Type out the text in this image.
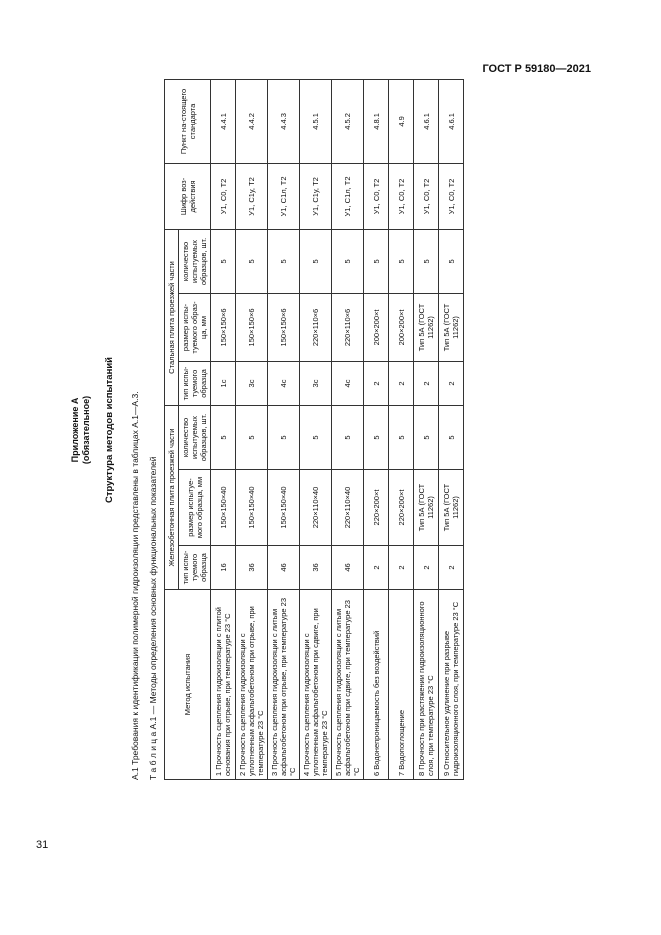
ГОСТ Р 59180—2021
31
Приложение А (обязательное) Структура методов испытаний А.1 Требования к идентификации полимерной гидроизоляции представлены в таблицах А.1—А.3. Т а б л и ц а А.1 — Методы определения основных функциональных показателей	Метод испытания	Железобетонная плита проезжей части			Стальная плита проезжей части			Шифр воз-действия	Пункт на-стоящего стандарта
	тип испы-туемого образца	размер испытуе-мого образца, мм	количество испытуемых образцов, шт.	тип испы-туемого образца	размер испы-туемого образ-ца, мм	количество испытуемых образцов, шт.		
1 Прочность сцепления гидроизоляции с плитой основания при отрыве, при температуре 23 °С	16	150×150×40	5	1с	150×150×6	5	У1, С0, Т2	4.4.1
2 Прочность сцепления гидроизоляции с уплотненным асфальтобетоном при отрыве, при температуре 23 °С	36	150×150×40	5	3с	150×150×6	5	У1, С1у, Т2	4.4.2
3 Прочность сцепления гидроизоляции с литым асфальтобетоном при отрыве, при температуре 23 °С	46	150×150×40	5	4с	150×150×6	5	У1, С1л, Т2	4.4.3
4 Прочность сцепления гидроизоляции с уплотненным асфальтобетоном при сдвиге, при температуре 23 °С	36	220×110×40	5	3с	220×110×6	5	У1, С1у, Т2	4.5.1
5 Прочность сцепления гидроизоляции с литым асфальтобетоном при сдвиге, при температуре 23 °С	46	220×110×40	5	4с	220×110×6	5	У1, С1л, Т2	4.5.2
6 Водонепроницаемость без воздействий	2	220×200×t	5	2	200×200×t	5	У1, С0, Т2	4.8.1
7 Водопоглощение	2	220×200×t	5	2	200×200×t	5	У1, С0, Т2	4.9
8 Прочность при растяжении гидроизоляционного слоя, при температуре 23 °С	2	Тип 5А (ГОСТ 11262)	5	2	Тип 5А (ГОСТ 11262)	5	У1, С0, Т2	4.6.1
9 Относительное удлинение при разрыве гидроизоляционного слоя, при температуре 23 °С	2	Тип 5А (ГОСТ 11262)	5	2	Тип 5А (ГОСТ 11262)	5	У1, С0, Т2	4.6.1
